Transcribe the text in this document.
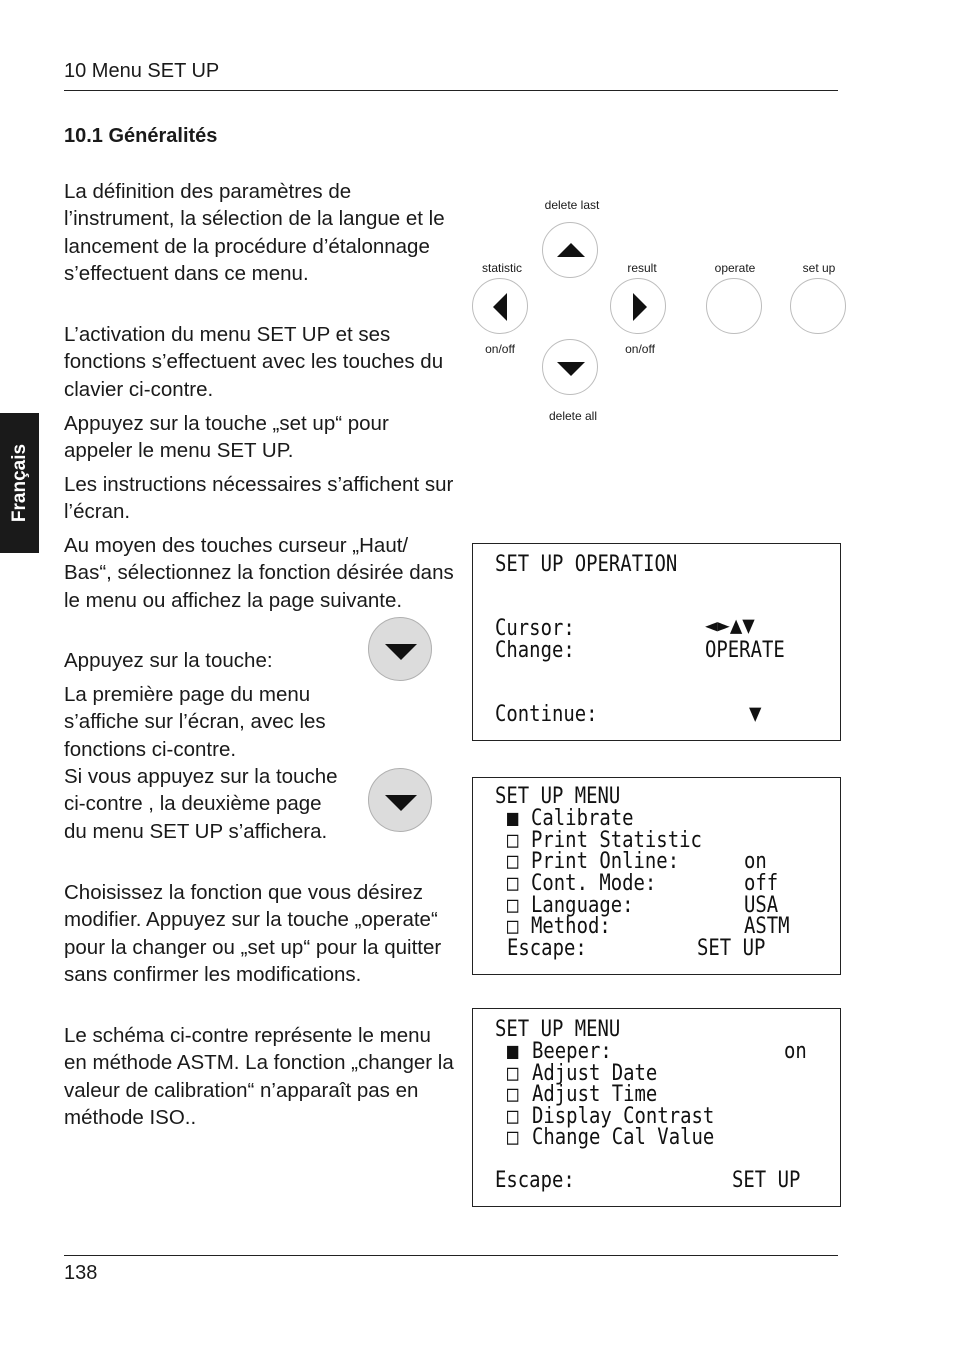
10 Menu SET UP
10.1 Généralités
Français
La définition des paramètres de l’instrument, la sélection de la langue et le lancement de la procédure d’étalonnage s’effectuent dans ce menu.
L’activation du menu SET UP et ses fonctions s’effectuent avec les touches du clavier ci-contre.
Appuyez sur la touche „set up“ pour appeler le menu SET UP.
Les instructions nécessaires s’affichent sur l’écran.
Au moyen des touches curseur „Haut/ Bas“, sélectionnez la fonction désirée dans le menu ou affichez la page suivante.
Appuyez sur la touche:
La première page du menu s’affiche sur l’écran, avec les fonctions ci-contre.
Si vous appuyez sur la touche ci-contre , la deuxième page du menu SET UP s’affichera.
Choisissez la fonction que vous désirez modifier. Appuyez sur la touche „operate“ pour la changer ou „set up“ pour la quitter sans confirmer les modifications.
Le schéma ci-contre représente le menu en méthode ASTM. La fonction „changer la valeur de calibration“ n’apparaît pas en méthode ISO..
delete last
statistic	result	operate	set up
on/off	on/off
delete all
SET UP OPERATION
Cursor:	◄►▲▼
Change:	OPERATE
Continue:	▼
SET UP MENU
■ Calibrate
□ Print Statistic
□ Print Online:	on
□ Cont. Mode:	off
□ Language:	USA
□ Method:	ASTM
Escape:	SET UP
SET UP MENU
■ Beeper:	on
□ Adjust Date
□ Adjust Time
□ Display Contrast
□ Change Cal Value
Escape:	SET UP
138
